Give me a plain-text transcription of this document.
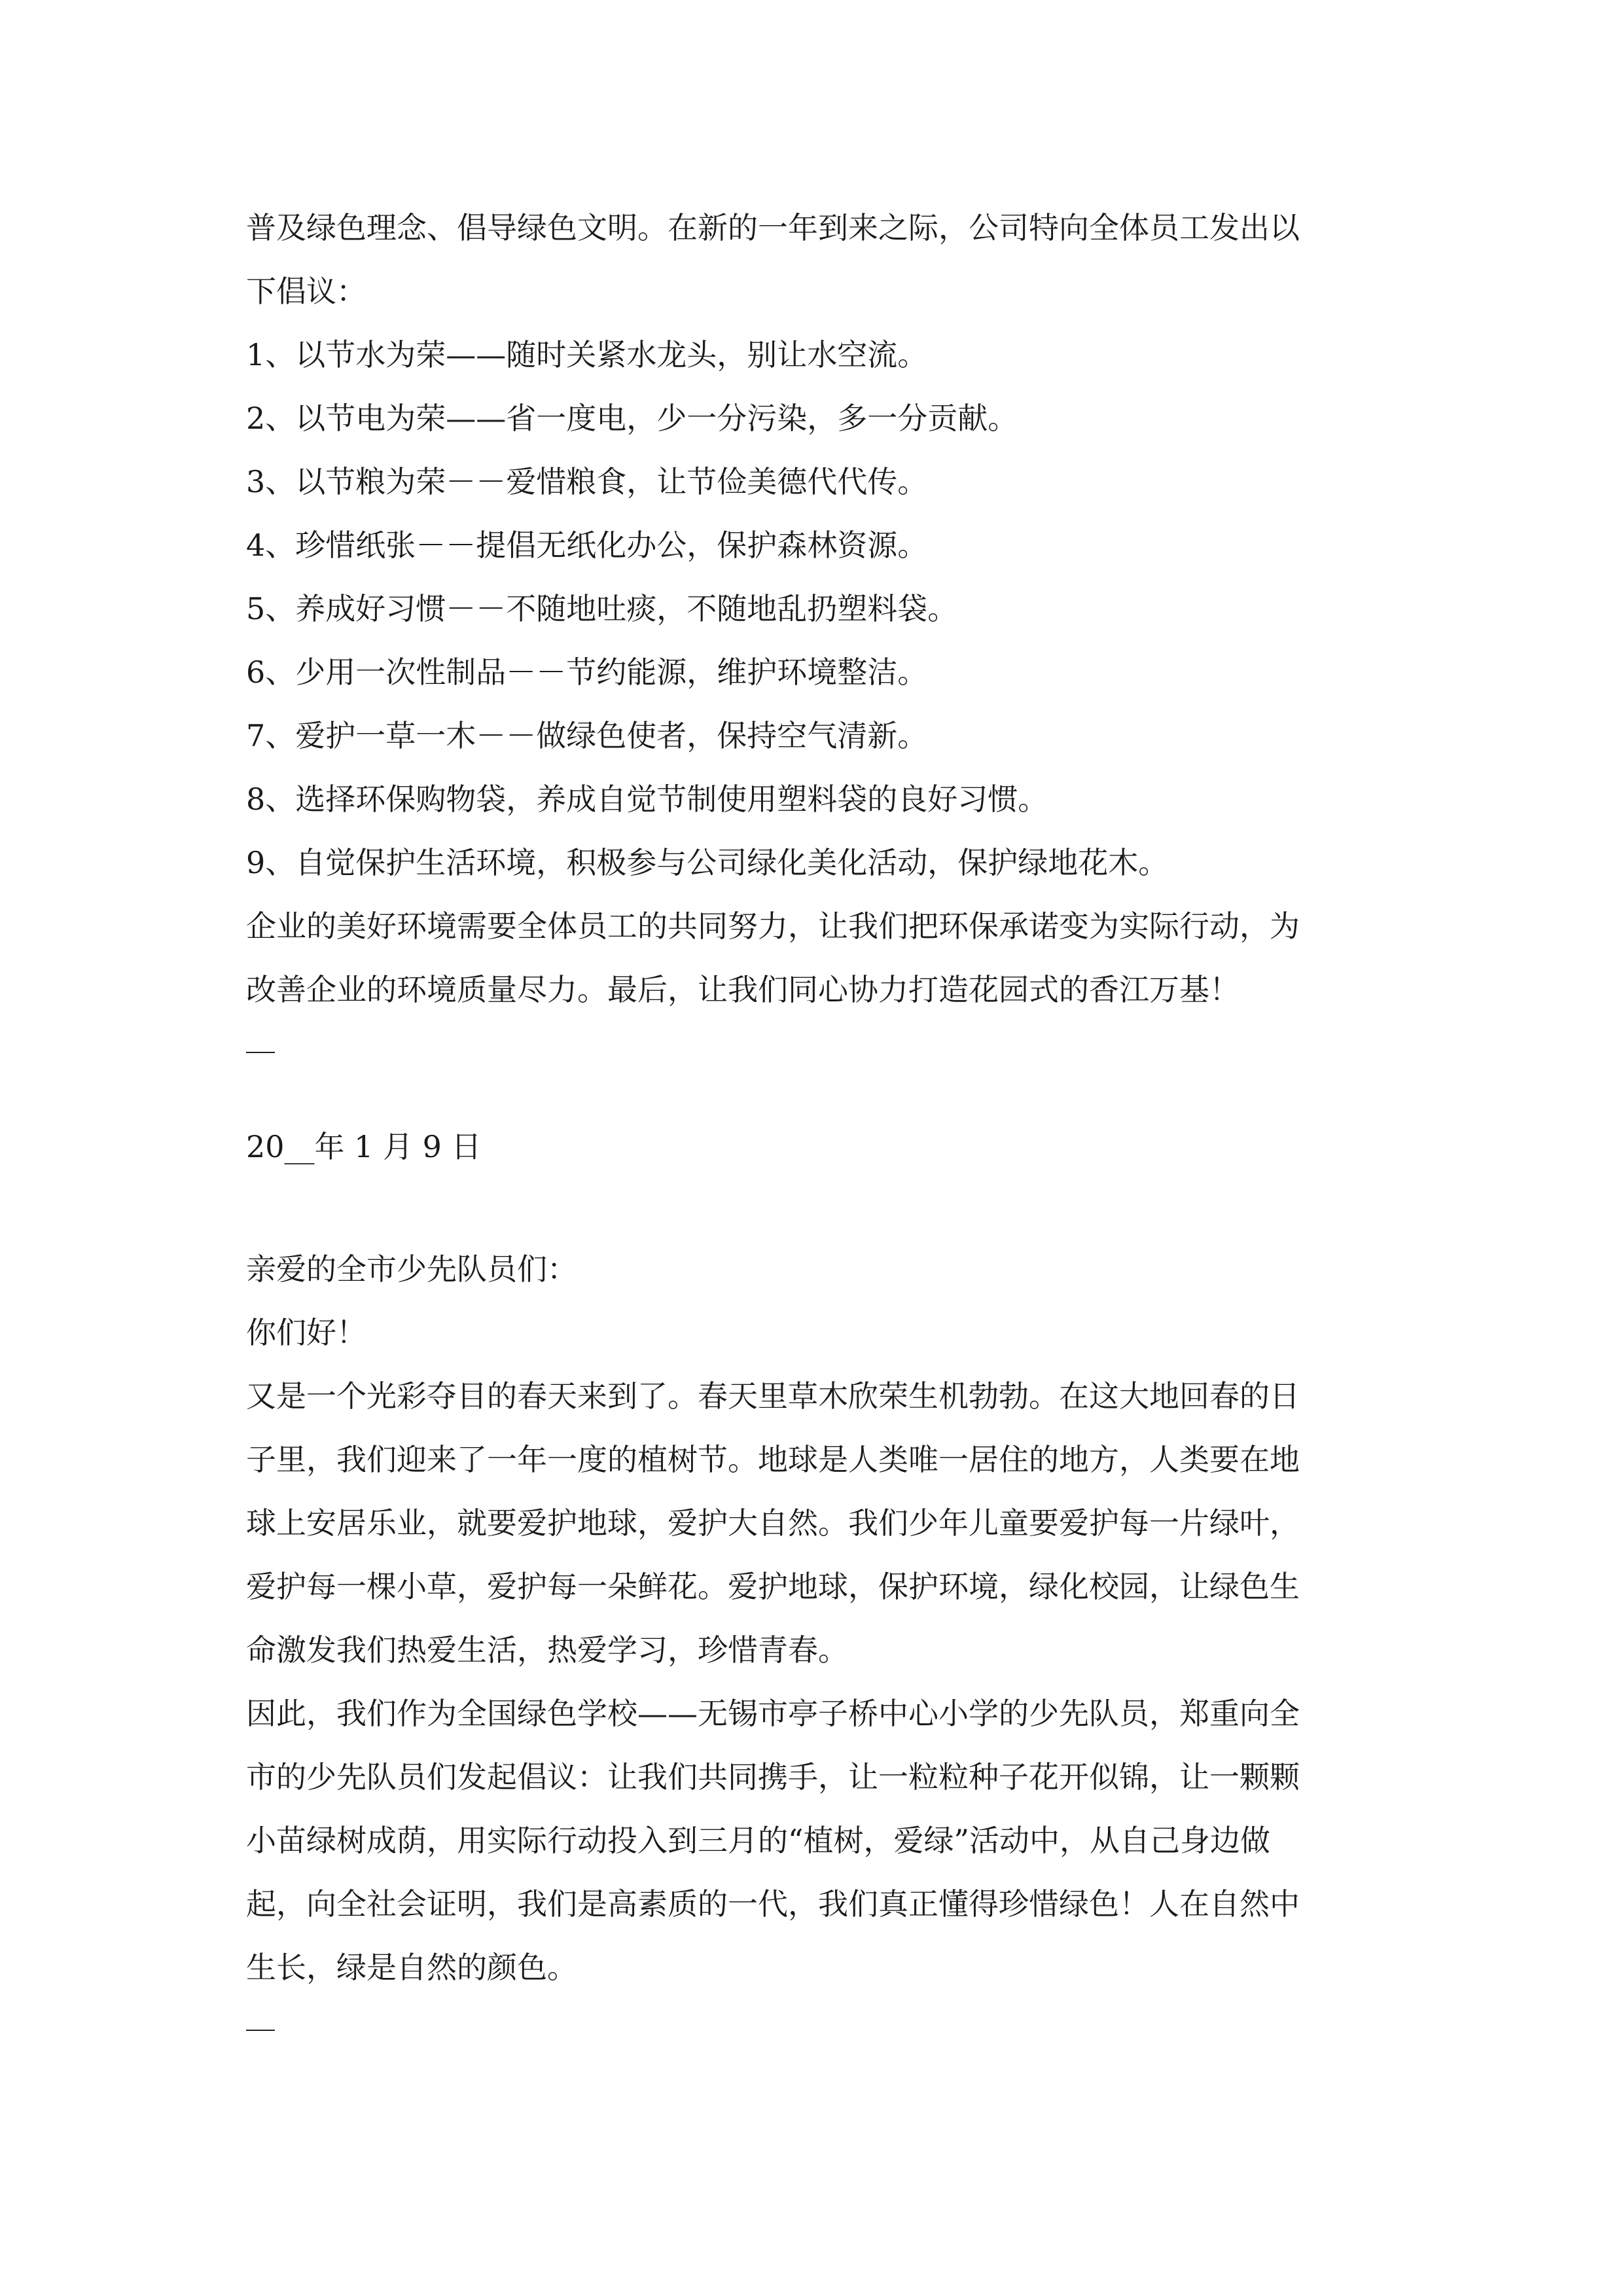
普及绿色理念、倡导绿色文明。在新的一年到来之际，公司特向全体员工发出以
下倡议：
1、以节水为荣——随时关紧水龙头，别让水空流。
2、以节电为荣——省一度电，少一分污染，多一分贡献。
3、以节粮为荣－－爱惜粮食，让节俭美德代代传。
4、珍惜纸张－－提倡无纸化办公，保护森林资源。
5、养成好习惯－－不随地吐痰，不随地乱扔塑料袋。
6、少用一次性制品－－节约能源，维护环境整洁。
7、爱护一草一木－－做绿色使者，保持空气清新。
8、选择环保购物袋，养成自觉节制使用塑料袋的良好习惯。
9、自觉保护生活环境，积极参与公司绿化美化活动，保护绿地花木。
企业的美好环境需要全体员工的共同努力，让我们把环保承诺变为实际行动，为
改善企业的环境质量尽力。最后，让我们同心协力打造花园式的香江万基！
20__年 1 月 9 日
亲爱的全市少先队员们：
你们好！
又是一个光彩夺目的春天来到了。春天里草木欣荣生机勃勃。在这大地回春的日
子里，我们迎来了一年一度的植树节。地球是人类唯一居住的地方，人类要在地
球上安居乐业，就要爱护地球，爱护大自然。我们少年儿童要爱护每一片绿叶，
爱护每一棵小草，爱护每一朵鲜花。爱护地球，保护环境，绿化校园，让绿色生
命激发我们热爱生活，热爱学习，珍惜青春。
因此，我们作为全国绿色学校——无锡市亭子桥中心小学的少先队员，郑重向全
市的少先队员们发起倡议：让我们共同携手，让一粒粒种子花开似锦，让一颗颗
小苗绿树成荫，用实际行动投入到三月的“植树，爱绿”活动中，从自己身边做
起，向全社会证明，我们是高素质的一代，我们真正懂得珍惜绿色！人在自然中
生长，绿是自然的颜色。
